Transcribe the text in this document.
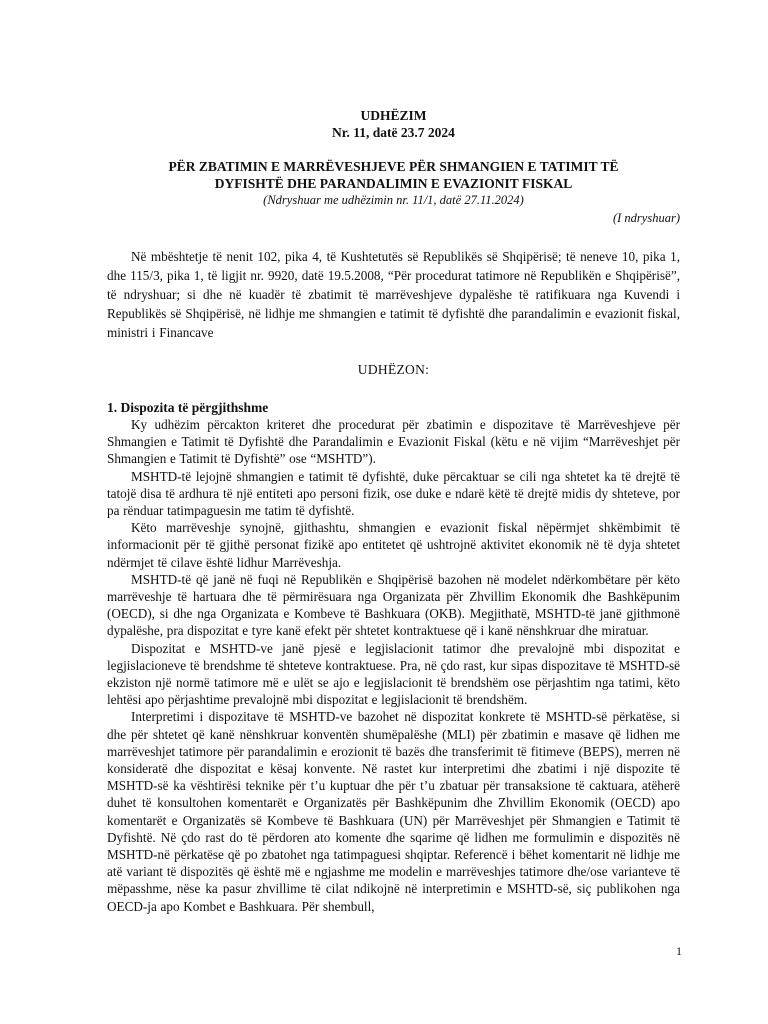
UDHËZIM

Nr. 11, datë 23.7 2024

PËR ZBATIMIN E MARRËVESHJEVE PËR SHMANGIEN E TATIMIT TË
DYFISHTË DHE PARANDALIMIN E EVAZIONIT FISKAL

(Ndryshuar me udhëzimin nr. 11/1, datë 27.11.2024)

(I ndryshuar)

Në mbështetje të nenit 102, pika 4, të Kushtetutës së Republikës së Shqipërisë; të neneve 10, pika 1, dhe 115/3, pika 1, të ligjit nr. 9920, datë 19.5.2008, “Për procedurat tatimore në Republikën e Shqipërisë”, të ndryshuar; si dhe në kuadër të zbatimit të marrëveshjeve dypalëshe të ratifikuara nga Kuvendi i Republikës së Shqipërisë, në lidhje me shmangien e tatimit të dyfishtë dhe parandalimin e evazionit fiskal, ministri i Financave

UDHËZON:

1. Dispozita të përgjithshme

Ky udhëzim përcakton kriteret dhe procedurat për zbatimin e dispozitave të Marrëveshjeve për Shmangien e Tatimit të Dyfishtë dhe Parandalimin e Evazionit Fiskal (këtu e në vijim “Marrëveshjet për Shmangien e Tatimit të Dyfishtë” ose “MSHTD”).

MSHTD-të lejojnë shmangien e tatimit të dyfishtë, duke përcaktuar se cili nga shtetet ka të drejtë të tatojë disa të ardhura të një entiteti apo personi fizik, ose duke e ndarë këtë të drejtë midis dy shteteve, por pa rënduar tatimpaguesin me tatim të dyfishtë.

Këto marrëveshje synojnë, gjithashtu, shmangien e evazionit fiskal nëpërmjet shkëmbimit të informacionit për të gjithë personat fizikë apo entitetet që ushtrojnë aktivitet ekonomik në të dyja shtetet ndërmjet të cilave është lidhur Marrëveshja.

MSHTD-të që janë në fuqi në Republikën e Shqipërisë bazohen në modelet ndërkombëtare për këto marrëveshje të hartuara dhe të përmirësuara nga Organizata për Zhvillim Ekonomik dhe Bashkëpunim (OECD), si dhe nga Organizata e Kombeve të Bashkuara (OKB). Megjithatë, MSHTD-të janë gjithmonë dypalëshe, pra dispozitat e tyre kanë efekt për shtetet kontraktuese që i kanë nënshkruar dhe miratuar.

Dispozitat e MSHTD-ve janë pjesë e legjislacionit tatimor dhe prevalojnë mbi dispozitat e legjislacioneve të brendshme të shteteve kontraktuese. Pra, në çdo rast, kur sipas dispozitave të MSHTD-së ekziston një normë tatimore më e ulët se ajo e legjislacionit të brendshëm ose përjashtim nga tatimi, këto lehtësi apo përjashtime prevalojnë mbi dispozitat e legjislacionit të brendshëm.

Interpretimi i dispozitave të MSHTD-ve bazohet në dispozitat konkrete të MSHTD-së përkatëse, si dhe për shtetet që kanë nënshkruar konventën shumëpalëshe (MLI) për zbatimin e masave që lidhen me marrëveshjet tatimore për parandalimin e erozionit të bazës dhe transferimit të fitimeve (BEPS), merren në konsideratë dhe dispozitat e kësaj konvente. Në rastet kur interpretimi dhe zbatimi i një dispozite të MSHTD-së ka vështirësi teknike për t’u kuptuar dhe për t’u zbatuar për transaksione të caktuara, atëherë duhet të konsultohen komentarët e Organizatës për Bashkëpunim dhe Zhvillim Ekonomik (OECD) apo komentarët e Organizatës së Kombeve të Bashkuara (UN) për Marrëveshjet për Shmangien e Tatimit të Dyfishtë. Në çdo rast do të përdoren ato komente dhe sqarime që lidhen me formulimin e dispozitës në MSHTD-në përkatëse që po zbatohet nga tatimpaguesi shqiptar. Referencë i bëhet komentarit në lidhje me atë variant të dispozitës që është më e ngjashme me modelin e marrëveshjes tatimore dhe/ose varianteve të mëpasshme, nëse ka pasur zhvillime të cilat ndikojnë në interpretimin e MSHTD-së, siç publikohen nga OECD-ja apo Kombet e Bashkuara. Për shembull,

1
